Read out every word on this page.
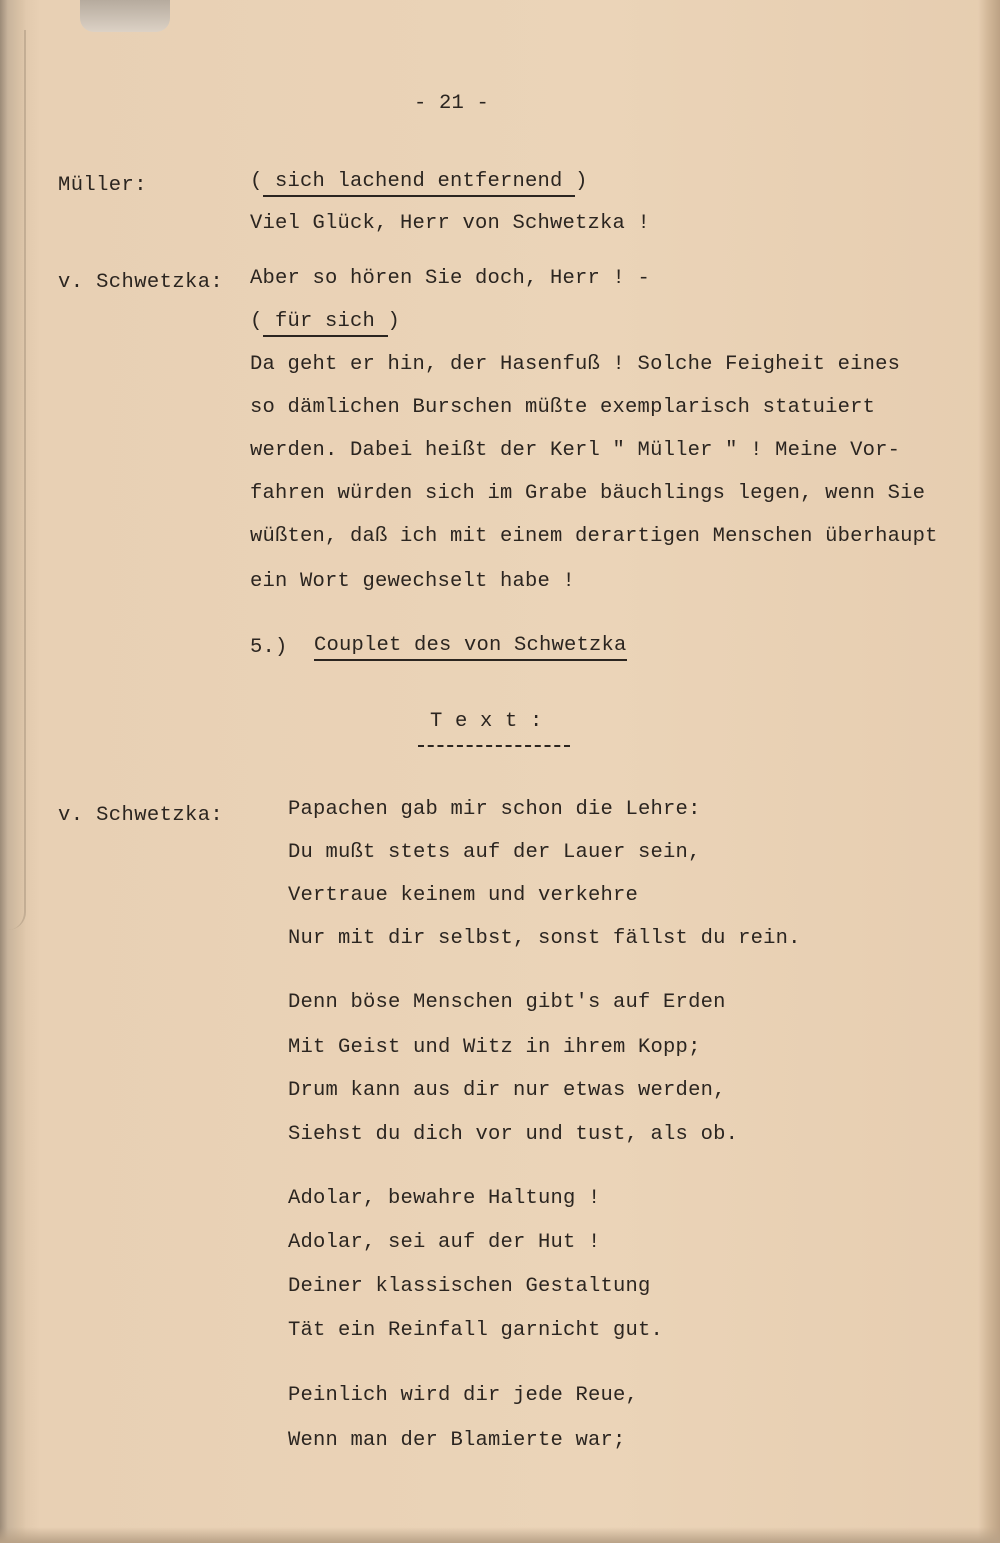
- 21 -
Müller:	( sich lachend entfernend )
Viel Glück, Herr von Schwetzka !
v. Schwetzka: Aber so hören Sie doch, Herr ! -
( für sich )
Da geht er hin, der Hasenfuß ! Solche Feigheit eines
so dämlichen Burschen müßte exemplarisch statuiert
werden. Dabei heißt der Kerl " Müller " ! Meine Vor-
fahren würden sich im Grabe bäuchlings legen, wenn Sie
wüßten, daß ich mit einem derartigen Menschen überhaupt
ein Wort gewechselt habe !
5.) Couplet des von Schwetzka
T e x t :
v. Schwetzka:	Papachen gab mir schon die Lehre:
Du mußt stets auf der Lauer sein,
Vertraue keinem und verkehre
Nur mit dir selbst, sonst fällst du rein.
Denn böse Menschen gibt's auf Erden
Mit Geist und Witz in ihrem Kopp;
Drum kann aus dir nur etwas werden,
Siehst du dich vor und tust, als ob.
Adolar, bewahre Haltung !
Adolar, sei auf der Hut !
Deiner klassischen Gestaltung
Tät ein Reinfall garnicht gut.
Peinlich wird dir jede Reue,
Wenn man der Blamierte war;
